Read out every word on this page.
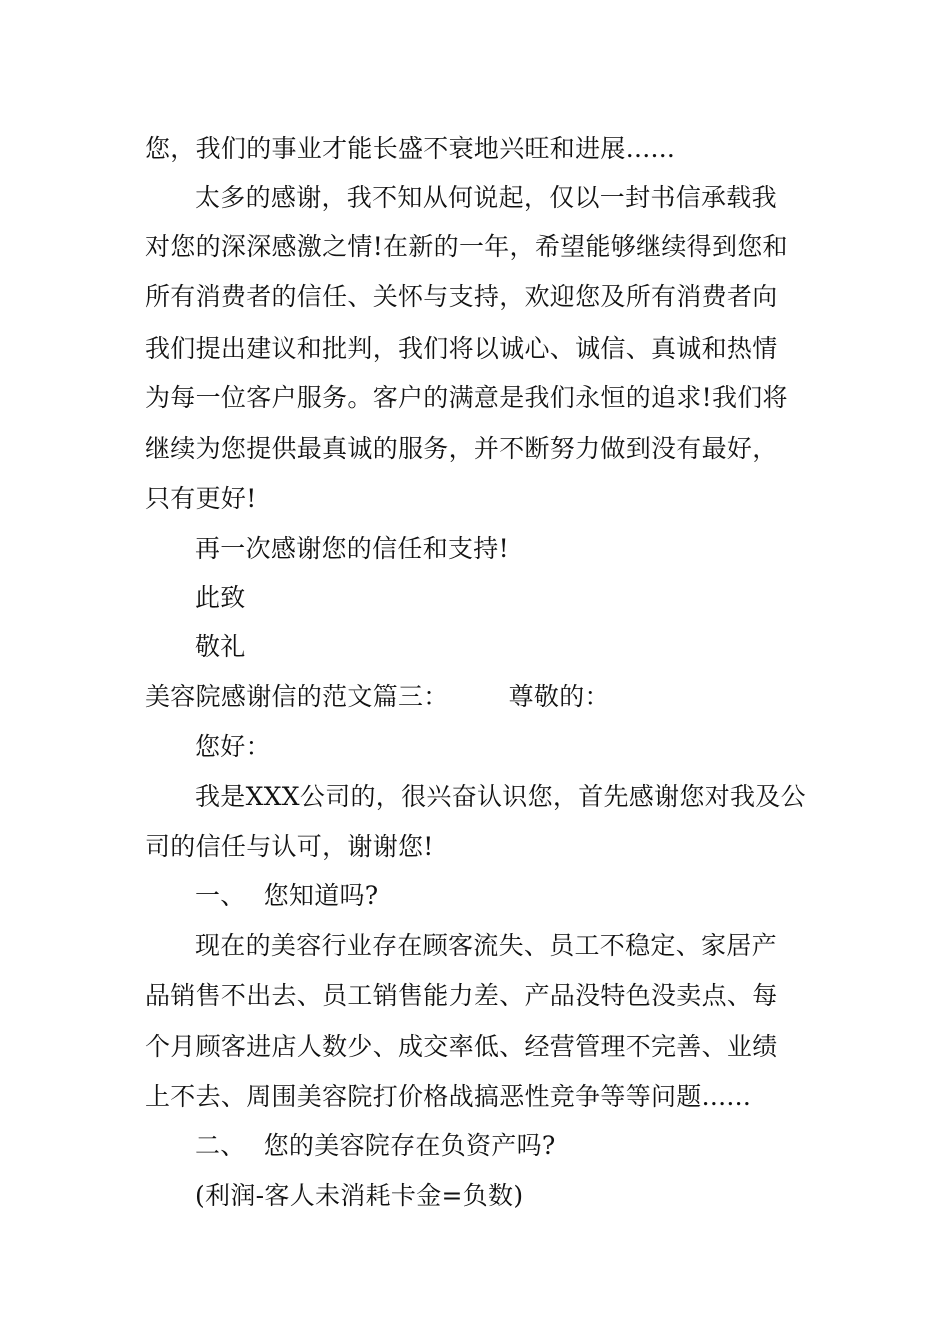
您，我们的事业才能长盛不衰地兴旺和进展......
太多的感谢，我不知从何说起，仅以一封书信承载我
对您的深深感激之情!在新的一年，希望能够继续得到您和
所有消费者的信任、关怀与支持，欢迎您及所有消费者向
我们提出建议和批判，我们将以诚心、诚信、真诚和热情
为每一位客户服务。客户的满意是我们永恒的追求!我们将
继续为您提供最真诚的服务，并不断努力做到没有最好，
只有更好!
再一次感谢您的信任和支持!
此致
敬礼
美容院感谢信的范文篇三： 尊敬的：
您好：
我是XXX公司的，很兴奋认识您，首先感谢您对我及公
司的信任与认可，谢谢您!
一、 您知道吗?
现在的美容行业存在顾客流失、员工不稳定、家居产
品销售不出去、员工销售能力差、产品没特色没卖点、每
个月顾客进店人数少、成交率低、经营管理不完善、业绩
上不去、周围美容院打价格战搞恶性竞争等等问题......
二、 您的美容院存在负资产吗?
(利润-客人未消耗卡金=负数)
